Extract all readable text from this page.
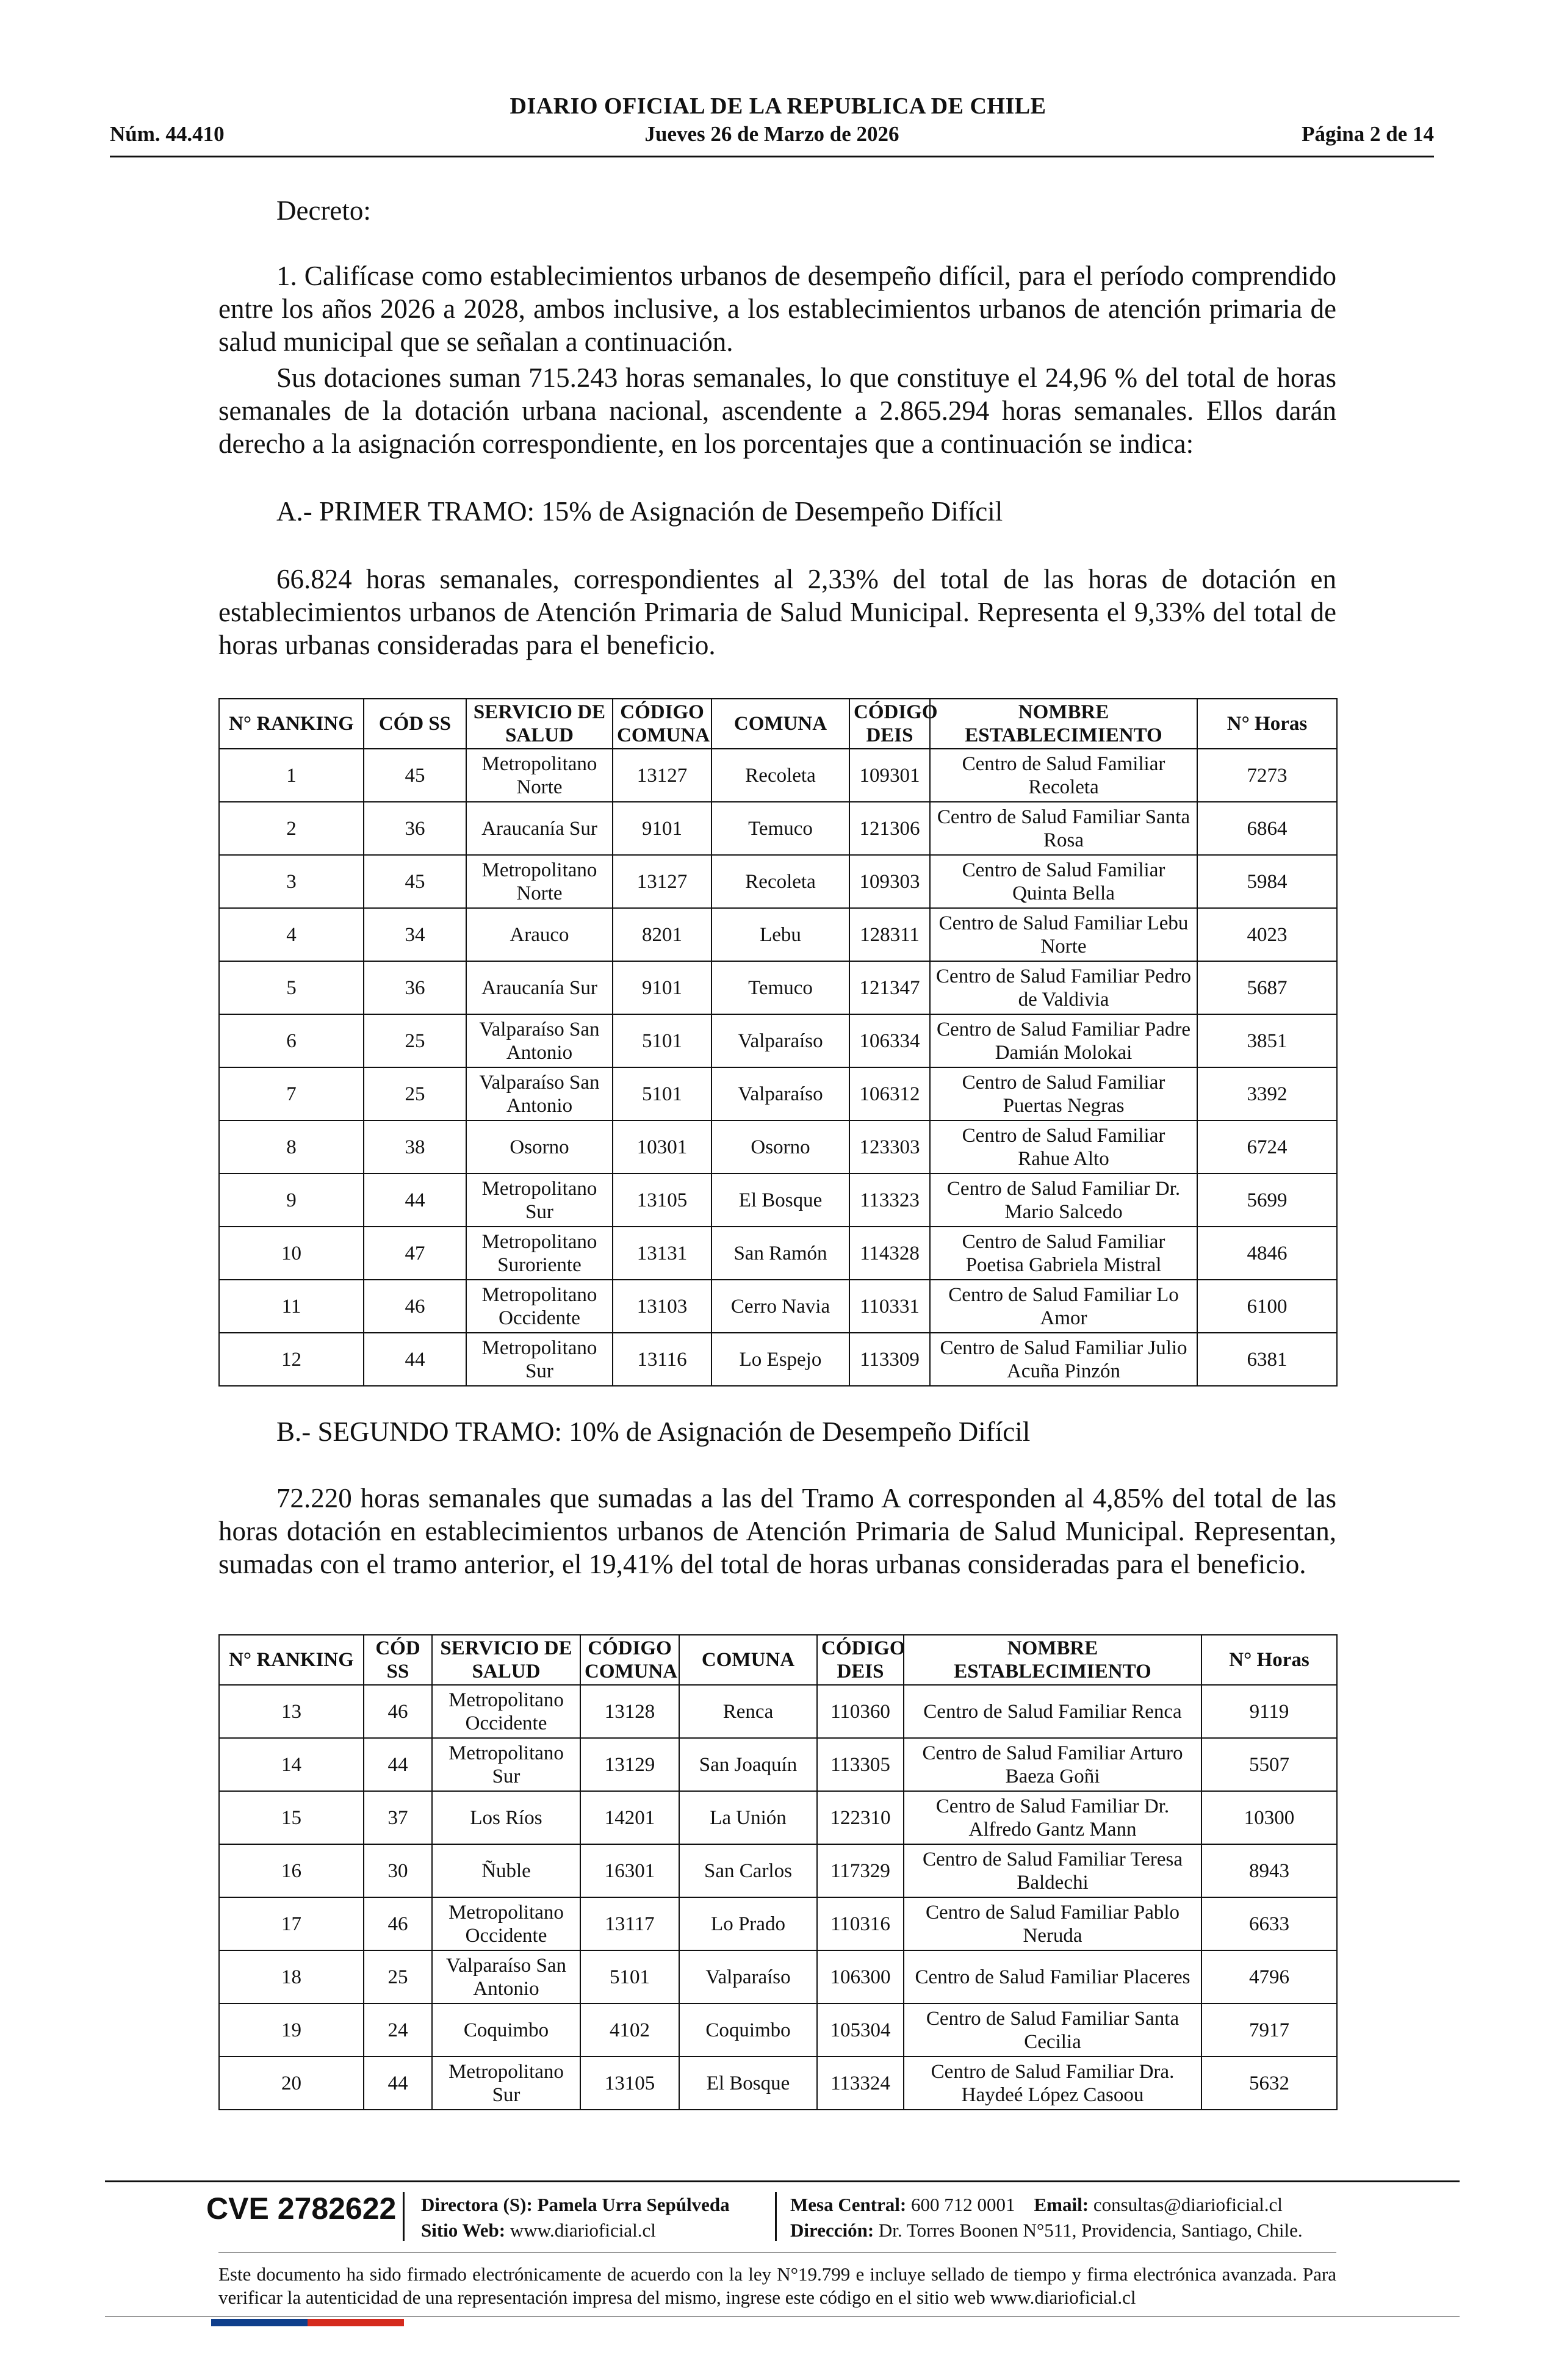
DIARIO OFICIAL DE LA REPUBLICA DE CHILE
Núm. 44.410	Jueves 26 de Marzo de 2026	Página 2 de 14
Decreto:
1. Califícase como establecimientos urbanos de desempeño difícil, para el período comprendido entre los años 2026 a 2028, ambos inclusive, a los establecimientos urbanos de atención primaria de salud municipal que se señalan a continuación.
Sus dotaciones suman 715.243 horas semanales, lo que constituye el 24,96 % del total de horas semanales de la dotación urbana nacional, ascendente a 2.865.294 horas semanales. Ellos darán derecho a la asignación correspondiente, en los porcentajes que a continuación se indica:
A.- PRIMER TRAMO: 15% de Asignación de Desempeño Difícil
66.824 horas semanales, correspondientes al 2,33% del total de las horas de dotación en establecimientos urbanos de Atención Primaria de Salud Municipal. Representa el 9,33% del total de horas urbanas consideradas para el beneficio.
N° RANKING	CÓD SS	SERVICIO DE SALUD	CÓDIGO COMUNA	COMUNA	CÓDIGO DEIS	NOMBRE ESTABLECIMIENTO	N° Horas
1	45	Metropolitano Norte	13127	Recoleta	109301	Centro de Salud Familiar Recoleta	7273
2	36	Araucanía Sur	9101	Temuco	121306	Centro de Salud Familiar Santa Rosa	6864
3	45	Metropolitano Norte	13127	Recoleta	109303	Centro de Salud Familiar Quinta Bella	5984
4	34	Arauco	8201	Lebu	128311	Centro de Salud Familiar Lebu Norte	4023
5	36	Araucanía Sur	9101	Temuco	121347	Centro de Salud Familiar Pedro de Valdivia	5687
6	25	Valparaíso San Antonio	5101	Valparaíso	106334	Centro de Salud Familiar Padre Damián Molokai	3851
7	25	Valparaíso San Antonio	5101	Valparaíso	106312	Centro de Salud Familiar Puertas Negras	3392
8	38	Osorno	10301	Osorno	123303	Centro de Salud Familiar Rahue Alto	6724
9	44	Metropolitano Sur	13105	El Bosque	113323	Centro de Salud Familiar Dr. Mario Salcedo	5699
10	47	Metropolitano Suroriente	13131	San Ramón	114328	Centro de Salud Familiar Poetisa Gabriela Mistral	4846
11	46	Metropolitano Occidente	13103	Cerro Navia	110331	Centro de Salud Familiar Lo Amor	6100
12	44	Metropolitano Sur	13116	Lo Espejo	113309	Centro de Salud Familiar Julio Acuña Pinzón	6381
B.- SEGUNDO TRAMO: 10% de Asignación de Desempeño Difícil
72.220 horas semanales que sumadas a las del Tramo A corresponden al 4,85% del total de las horas dotación en establecimientos urbanos de Atención Primaria de Salud Municipal. Representan, sumadas con el tramo anterior, el 19,41% del total de horas urbanas consideradas para el beneficio.
N° RANKING	CÓD SS	SERVICIO DE SALUD	CÓDIGO COMUNA	COMUNA	CÓDIGO DEIS	NOMBRE ESTABLECIMIENTO	N° Horas
13	46	Metropolitano Occidente	13128	Renca	110360	Centro de Salud Familiar Renca	9119
14	44	Metropolitano Sur	13129	San Joaquín	113305	Centro de Salud Familiar Arturo Baeza Goñi	5507
15	37	Los Ríos	14201	La Unión	122310	Centro de Salud Familiar Dr. Alfredo Gantz Mann	10300
16	30	Ñuble	16301	San Carlos	117329	Centro de Salud Familiar Teresa Baldechi	8943
17	46	Metropolitano Occidente	13117	Lo Prado	110316	Centro de Salud Familiar Pablo Neruda	6633
18	25	Valparaíso San Antonio	5101	Valparaíso	106300	Centro de Salud Familiar Placeres	4796
19	24	Coquimbo	4102	Coquimbo	105304	Centro de Salud Familiar Santa Cecilia	7917
20	44	Metropolitano Sur	13105	El Bosque	113324	Centro de Salud Familiar Dra. Haydeé López Casoou	5632
CVE 2782622 Directora (S): Pamela Urra Sepúlveda
Sitio Web: www.diarioficial.cl
Mesa Central: 600 712 0001 Email: consultas@diarioficial.cl
Dirección: Dr. Torres Boonen N°511, Providencia, Santiago, Chile.
Este documento ha sido firmado electrónicamente de acuerdo con la ley N°19.799 e incluye sellado de tiempo y firma electrónica avanzada. Para verificar la autenticidad de una representación impresa del mismo, ingrese este código en el sitio web www.diarioficial.cl
